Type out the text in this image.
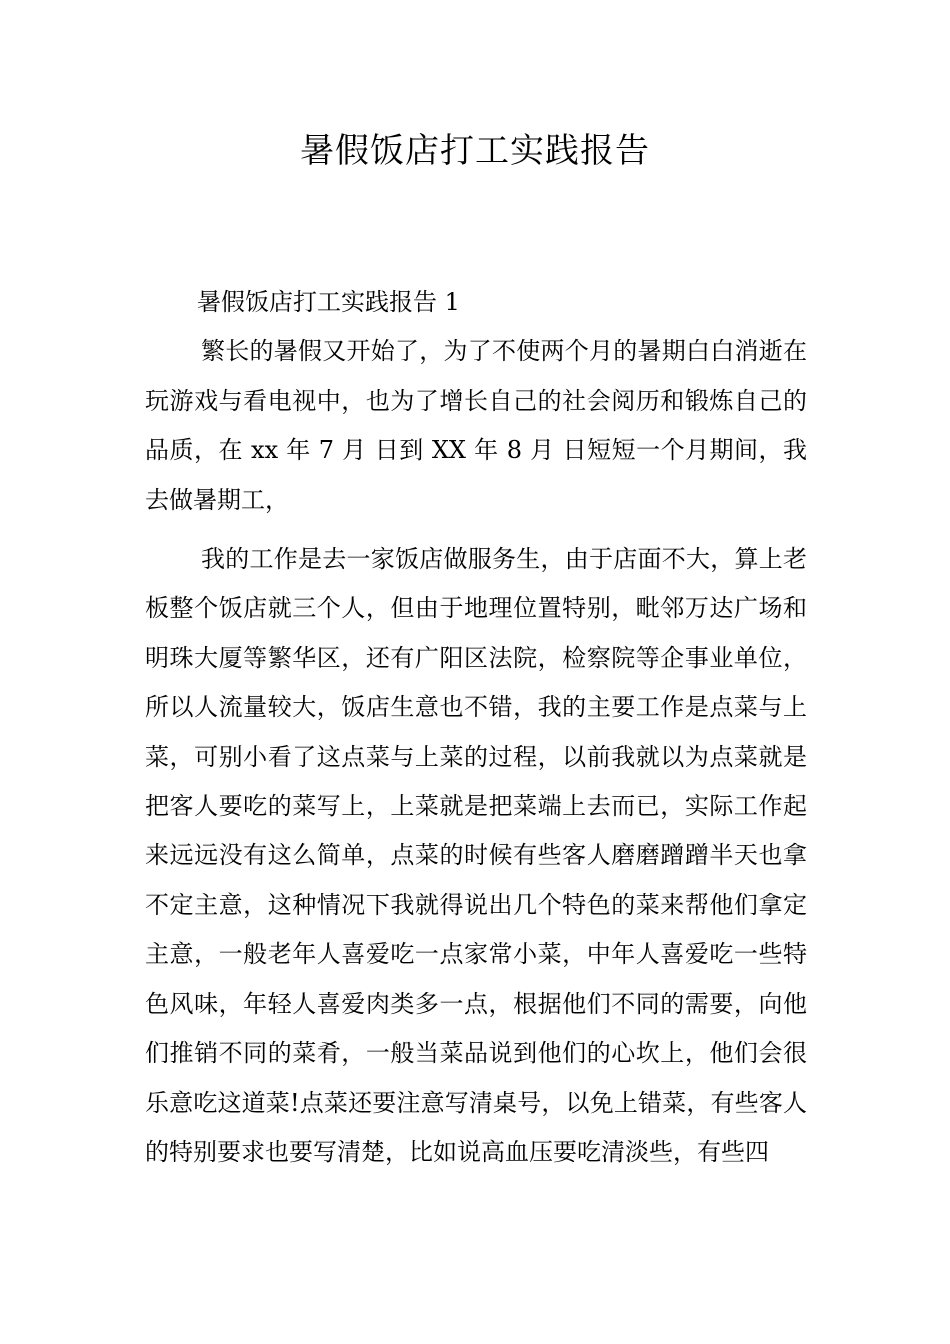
暑假饭店打工实践报告

暑假饭店打工实践报告 1

繁长的暑假又开始了，为了不使两个月的暑期白白消逝在玩游戏与看电视中，也为了增长自己的社会阅历和锻炼自己的品质，在 xx 年 7 月 日到 XX 年 8 月 日短短一个月期间，我去做暑期工，

我的工作是去一家饭店做服务生，由于店面不大，算上老板整个饭店就三个人，但由于地理位置特别，毗邻万达广场和明珠大厦等繁华区，还有广阳区法院，检察院等企事业单位，所以人流量较大，饭店生意也不错，我的主要工作是点菜与上菜，可别小看了这点菜与上菜的过程，以前我就以为点菜就是把客人要吃的菜写上，上菜就是把菜端上去而已，实际工作起来远远没有这么简单，点菜的时候有些客人磨磨蹭蹭半天也拿不定主意，这种情况下我就得说出几个特色的菜来帮他们拿定主意，一般老年人喜爱吃一点家常小菜，中年人喜爱吃一些特色风味，年轻人喜爱肉类多一点，根据他们不同的需要，向他们推销不同的菜肴，一般当菜品说到他们的心坎上，他们会很乐意吃这道菜!点菜还要注意写清桌号，以免上错菜，有些客人的特别要求也要写清楚，比如说高血压要吃清淡些，有些四
